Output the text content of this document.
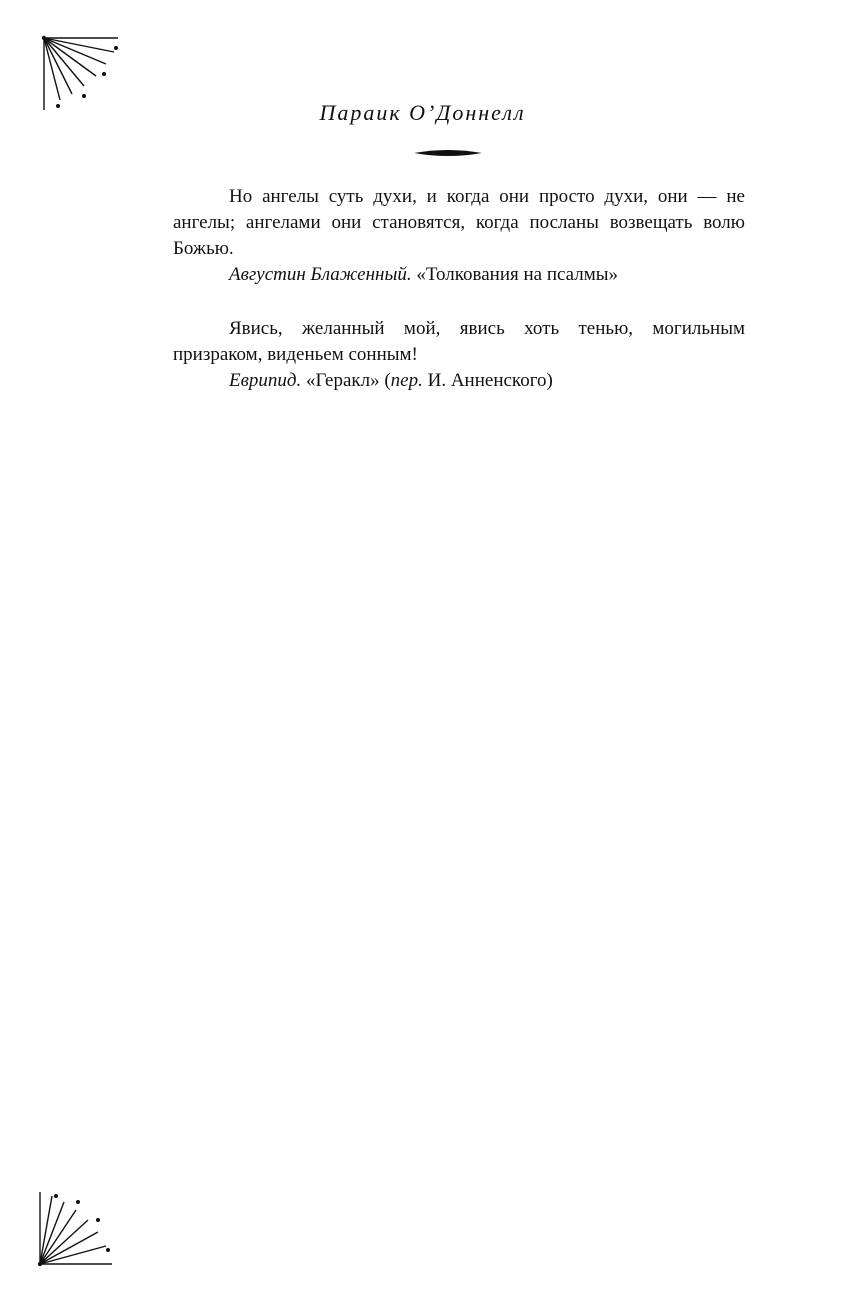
Параик О’Доннелл

Но ангелы суть духи, и когда они просто духи, они — не ангелы; ангелами они становятся, когда посланы возвещать волю Божью.

Августин Блаженный. «Толкования на псалмы»

Явись, желанный мой, явись хоть тенью, могильным призраком, виденьем сонным!

Еврипид. «Геракл» (пер. И. Анненского)
